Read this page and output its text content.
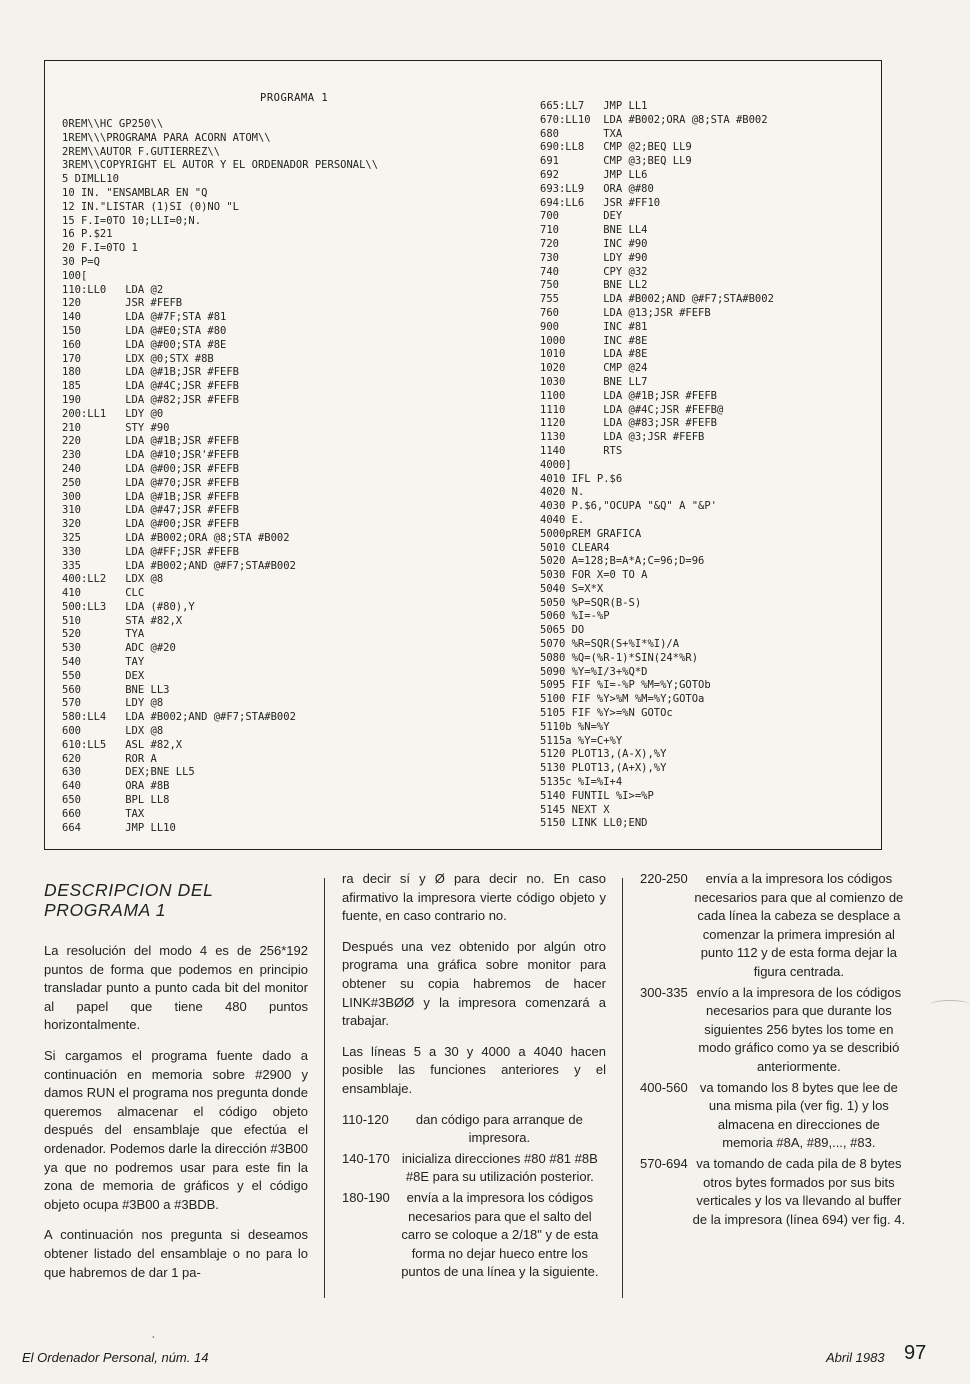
PROGRAMA 1
0REM\\HC GP250\\
1REM\\\PROGRAMA PARA ACORN ATOM\\
2REM\\AUTOR F.GUTIERREZ\\
3REM\\COPYRIGHT EL AUTOR Y EL ORDENADOR PERSONAL\\
5 DIMLL10
10 IN. "ENSAMBLAR EN "Q
12 IN."LISTAR (1)SI (0)NO "L
15 F.I=0TO 10;LLI=0;N.
16 P.$21
20 F.I=0TO 1
30 P=Q
100[
110:LL0   LDA @2
120       JSR #FEFB
140       LDA @#7F;STA #81
150       LDA @#E0;STA #80
160       LDA @#00;STA #8E
170       LDX @0;STX #8B
180       LDA @#1B;JSR #FEFB
185       LDA @#4C;JSR #FEFB
190       LDA @#82;JSR #FEFB
200:LL1   LDY @0
210       STY #90
220       LDA @#1B;JSR #FEFB
230       LDA @#10;JSR'#FEFB
240       LDA @#00;JSR #FEFB
250       LDA @#70;JSR #FEFB
300       LDA @#1B;JSR #FEFB
310       LDA @#47;JSR #FEFB
320       LDA @#00;JSR #FEFB
325       LDA #B002;ORA @8;STA #B002
330       LDA @#FF;JSR #FEFB
335       LDA #B002;AND @#F7;STA#B002
400:LL2   LDX @8
410       CLC
500:LL3   LDA (#80),Y
510       STA #82,X
520       TYA
530       ADC @#20
540       TAY
550       DEX
560       BNE LL3
570       LDY @8
580:LL4   LDA #B002;AND @#F7;STA#B002
600       LDX @8
610:LL5   ASL #82,X
620       ROR A
630       DEX;BNE LL5
640       ORA #8B
650       BPL LL8
660       TAX
664       JMP LL10
665:LL7   JMP LL1
670:LL10  LDA #B002;ORA @8;STA #B002
680       TXA
690:LL8   CMP @2;BEQ LL9
691       CMP @3;BEQ LL9
692       JMP LL6
693:LL9   ORA @#80
694:LL6   JSR #FF10
700       DEY
710       BNE LL4
720       INC #90
730       LDY #90
740       CPY @32
750       BNE LL2
755       LDA #B002;AND @#F7;STA#B002
760       LDA @13;JSR #FEFB
900       INC #81
1000      INC #8E
1010      LDA #8E
1020      CMP @24
1030      BNE LL7
1100      LDA @#1B;JSR #FEFB
1110      LDA @#4C;JSR #FEFB@
1120      LDA @#83;JSR #FEFB
1130      LDA @3;JSR #FEFB
1140      RTS
4000]
4010 IFL P.$6
4020 N.
4030 P.$6,"OCUPA "&Q" A "&P'
4040 E.
5000pREM GRAFICA
5010 CLEAR4
5020 A=128;B=A*A;C=96;D=96
5030 FOR X=0 TO A
5040 S=X*X
5050 %P=SQR(B-S)
5060 %I=-%P
5065 DO
5070 %R=SQR(S+%I*%I)/A
5080 %Q=(%R-1)*SIN(24*%R)
5090 %Y=%I/3+%Q*D
5095 FIF %I=-%P %M=%Y;GOTOb
5100 FIF %Y>%M %M=%Y;GOTOa
5105 FIF %Y>=%N GOTOc
5110b %N=%Y
5115a %Y=C+%Y
5120 PLOT13,(A-X),%Y
5130 PLOT13,(A+X),%Y
5135c %I=%I+4
5140 FUNTIL %I>=%P
5145 NEXT X
5150 LINK LL0;END
DESCRIPCION DEL
PROGRAMA 1

La resolución del modo 4 es de 256*192 puntos de forma que podemos en principio transladar punto a punto cada bit del monitor al papel que tiene 480 puntos horizontalmente.

Si cargamos el programa fuente dado a continuación en memoria sobre #2900 y damos RUN el programa nos pregunta donde queremos almacenar el código objeto después del ensamblaje que efectúa el ordenador. Podemos darle la dirección #3B00 ya que no podremos usar para este fin la zona de memoria de gráficos y el código objeto ocupa #3B00 a #3BDB.

A continuación nos pregunta si deseamos obtener listado del ensamblaje o no para lo que habremos de dar 1 pa-

ra decir sí y Ø para decir no. En caso afirmativo la impresora vierte código objeto y fuente, en caso contrario no.

Después una vez obtenido por algún otro programa una gráfica sobre monitor para obtener su copia habremos de hacer LINK#3BØØ y la impresora comenzará a trabajar.

Las líneas 5 a 30 y 4000 a 4040 hacen posible las funciones anteriores y el ensamblaje.

110-120	dan código para arranque de impresora.
140-170 inicializa direcciones #80 #81 #8B #8E para su utilización posterior.
180-190	envía a la impresora los códigos necesarios para que el salto del carro se coloque a 2/18" y de esta forma no dejar hueco entre los puntos de una línea y la siguiente.
220-250	envía a la impresora los códigos necesarios para que al comienzo de cada línea la cabeza se desplace a comenzar la primera impresión al punto 112 y de esta forma dejar la figura centrada.
300-335 envío a la impresora de los códigos necesarios para que durante los siguientes 256 bytes los tome en modo gráfico como ya se describió anteriormente.
400-560 va tomando los 8 bytes que lee de una misma pila (ver fig. 1) y los almacena en direcciones de memoria #8A, #89,..., #83.
570-694 va tomando de cada pila de 8 bytes otros bytes formados por sus bits verticales y los va llevando al buffer de la impresora (línea 694) ver fig. 4.
ˎ
El Ordenador Personal, núm. 14	Abril 1983 97
